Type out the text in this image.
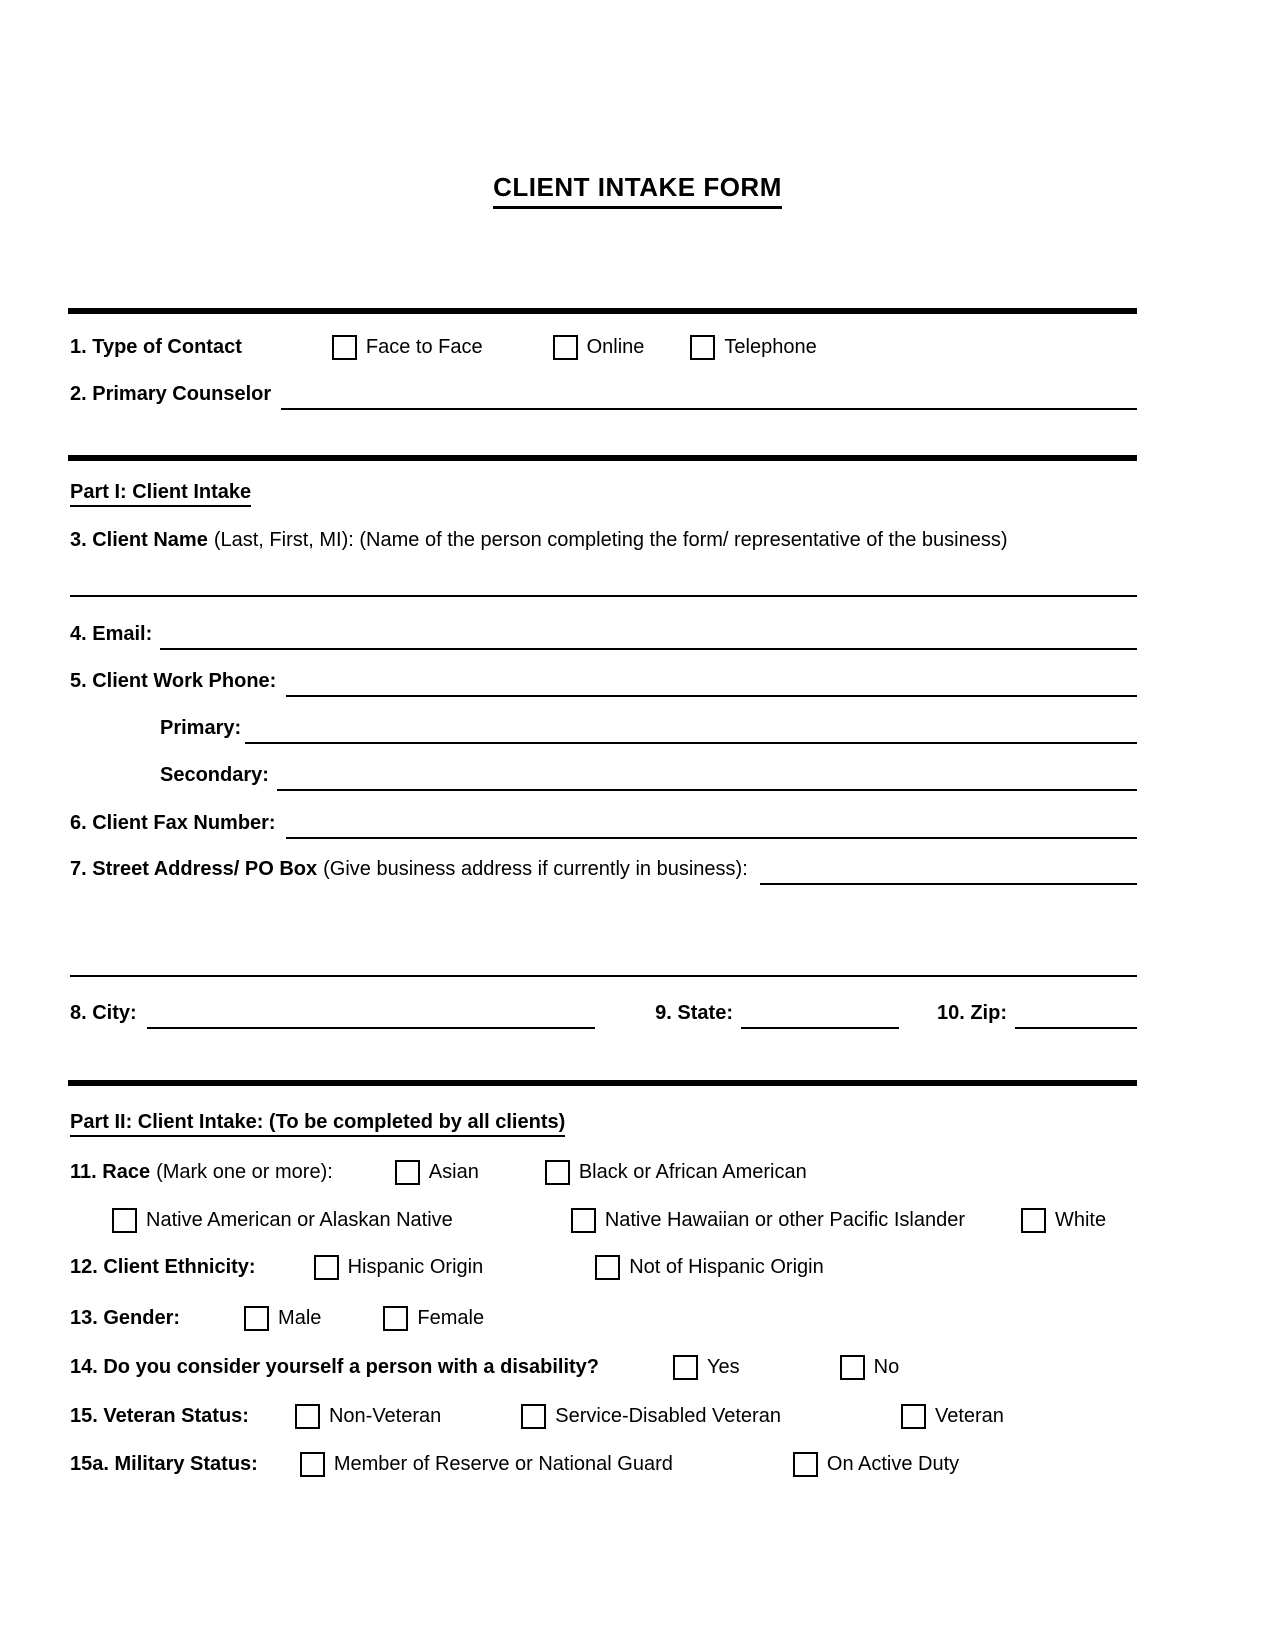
CLIENT INTAKE FORM
1. Type of Contact	Face to Face	Online	Telephone
2. Primary Counselor
Part I: Client Intake
3. Client Name (Last, First, MI): (Name of the person completing the form/ representative of the business)
4. Email:
5. Client Work Phone:
Primary:
Secondary:
6. Client Fax Number:
7. Street Address/ PO Box (Give business address if currently in business):
8. City:	9. State:	10. Zip:
Part II: Client Intake: (To be completed by all clients)
11. Race (Mark one or more):	Asian	Black or African American
Native American or Alaskan Native	Native Hawaiian or other Pacific Islander	White
12. Client Ethnicity:	Hispanic Origin	Not of Hispanic Origin
13. Gender:	Male	Female
14. Do you consider yourself a person with a disability?	Yes	No
15. Veteran Status:	Non-Veteran	Service-Disabled Veteran	Veteran
15a. Military Status:	Member of Reserve or National Guard	On Active Duty
